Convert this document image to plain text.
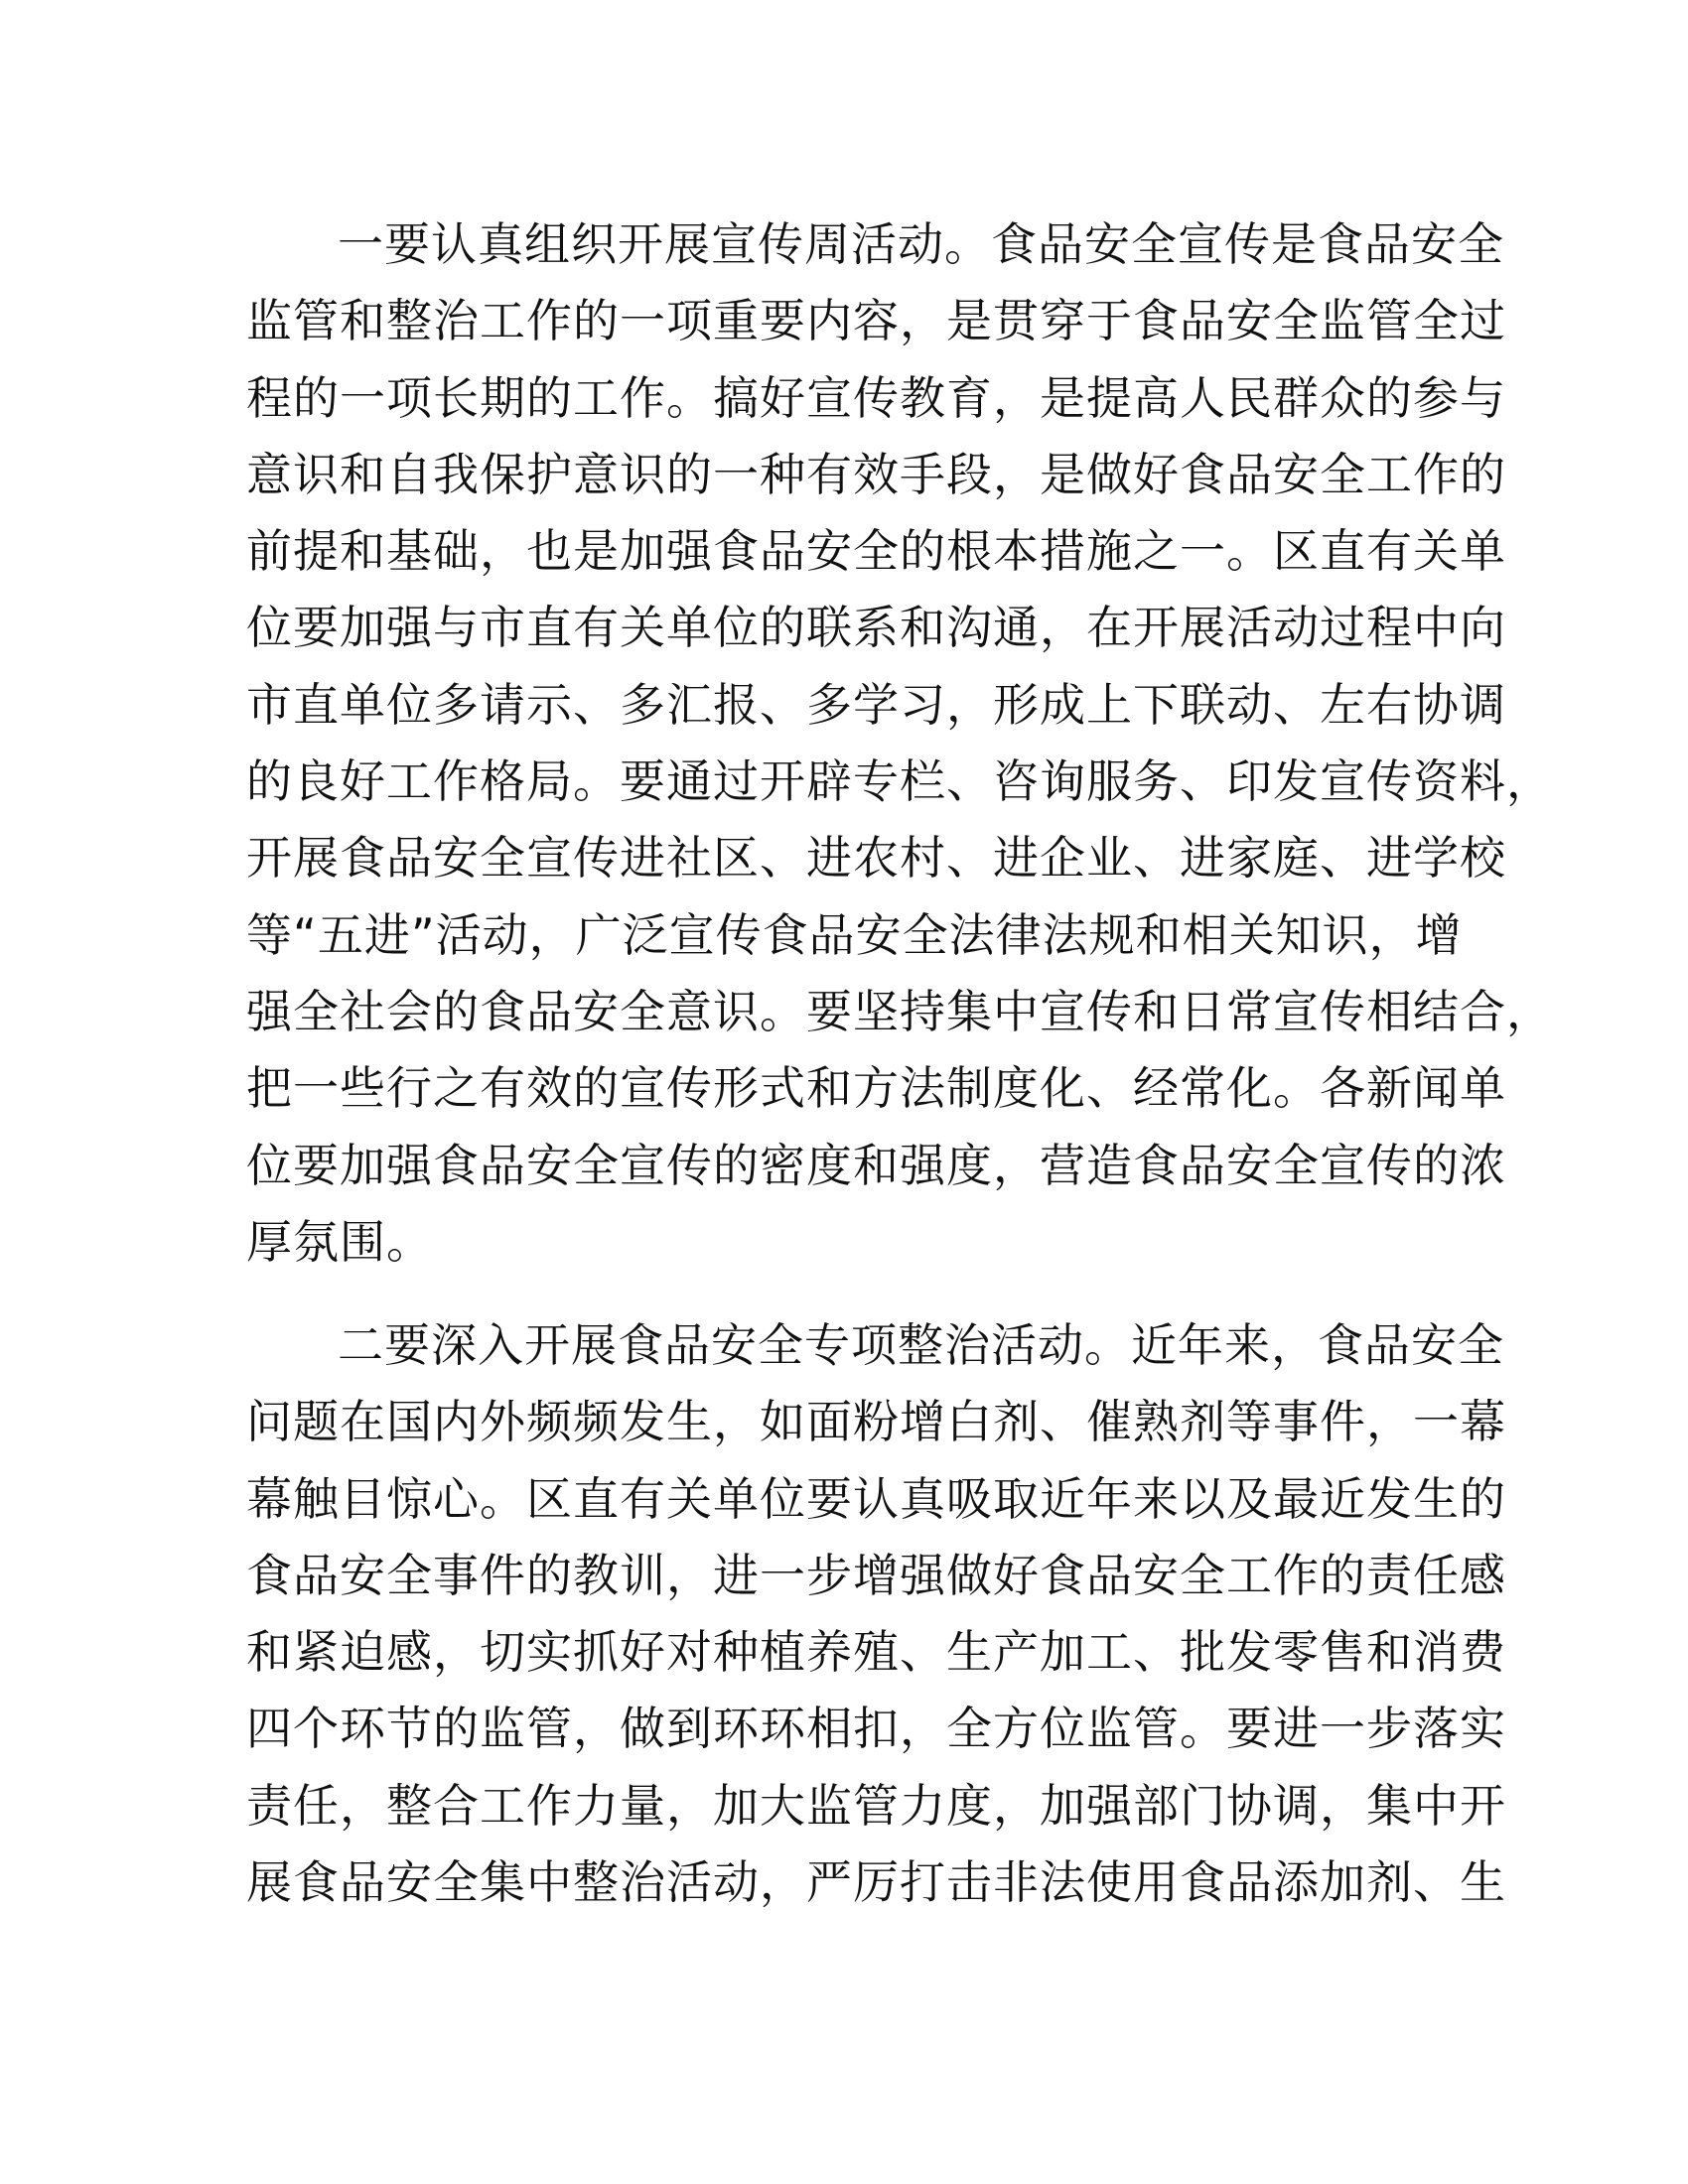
一要认真组织开展宣传周活动。食品安全宣传是食品安全
监管和整治工作的一项重要内容，是贯穿于食品安全监管全过
程的一项长期的工作。搞好宣传教育，是提高人民群众的参与
意识和自我保护意识的一种有效手段，是做好食品安全工作的
前提和基础，也是加强食品安全的根本措施之一。区直有关单
位要加强与市直有关单位的联系和沟通，在开展活动过程中向
市直单位多请示、多汇报、多学习，形成上下联动、左右协调
的良好工作格局。要通过开辟专栏、咨询服务、印发宣传资料，
开展食品安全宣传进社区、进农村、进企业、进家庭、进学校
等“五进”活动，广泛宣传食品安全法律法规和相关知识，增
强全社会的食品安全意识。要坚持集中宣传和日常宣传相结合，
把一些行之有效的宣传形式和方法制度化、经常化。各新闻单
位要加强食品安全宣传的密度和强度，营造食品安全宣传的浓
厚氛围。
二要深入开展食品安全专项整治活动。近年来，食品安全
问题在国内外频频发生，如面粉增白剂、催熟剂等事件，一幕
幕触目惊心。区直有关单位要认真吸取近年来以及最近发生的
食品安全事件的教训，进一步增强做好食品安全工作的责任感
和紧迫感，切实抓好对种植养殖、生产加工、批发零售和消费
四个环节的监管，做到环环相扣，全方位监管。要进一步落实
责任，整合工作力量，加大监管力度，加强部门协调，集中开
展食品安全集中整治活动，严厉打击非法使用食品添加剂、生
